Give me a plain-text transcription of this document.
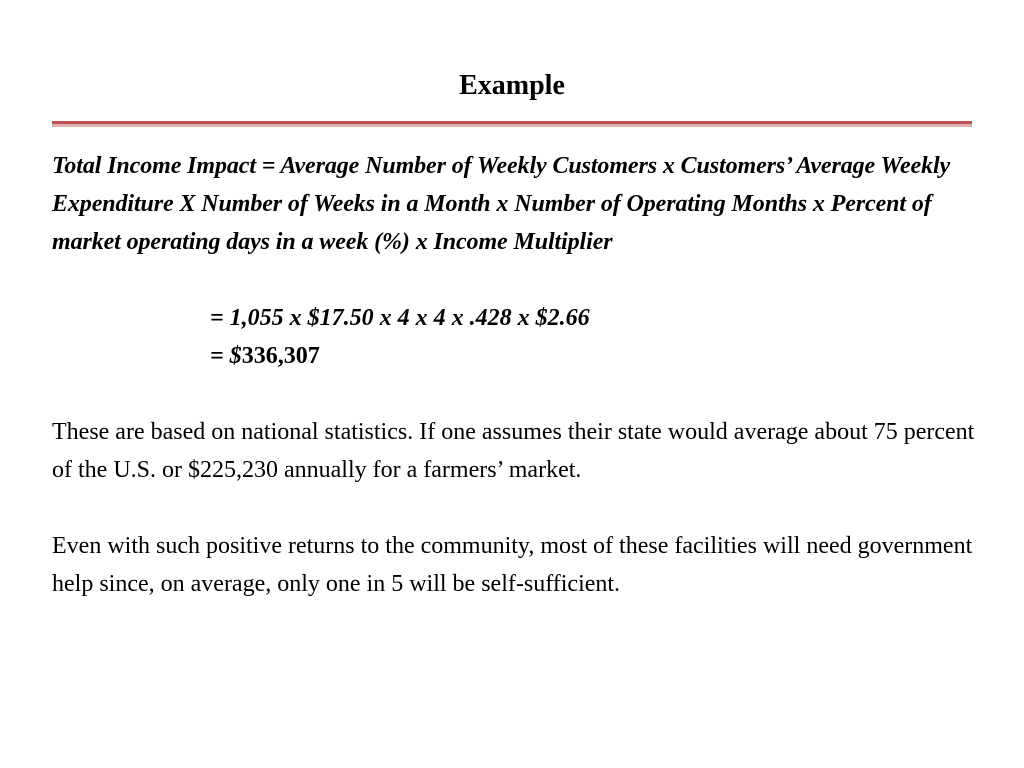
Example
Total Income Impact = Average Number of Weekly Customers x Customers’ Average Weekly Expenditure X Number of Weeks in a Month x Number of Operating Months x Percent of market operating days in a week (%) x Income Multiplier
= 1,055 x $17.50 x 4 x 4 x .428 x $2.66
= $336,307
These are based on national statistics. If one assumes their state would average about 75 percent of the U.S. or $225,230 annually for a farmers’ market.
Even with such positive returns to the community, most of these facilities will need government help since, on average, only one in 5 will be self-sufficient.
